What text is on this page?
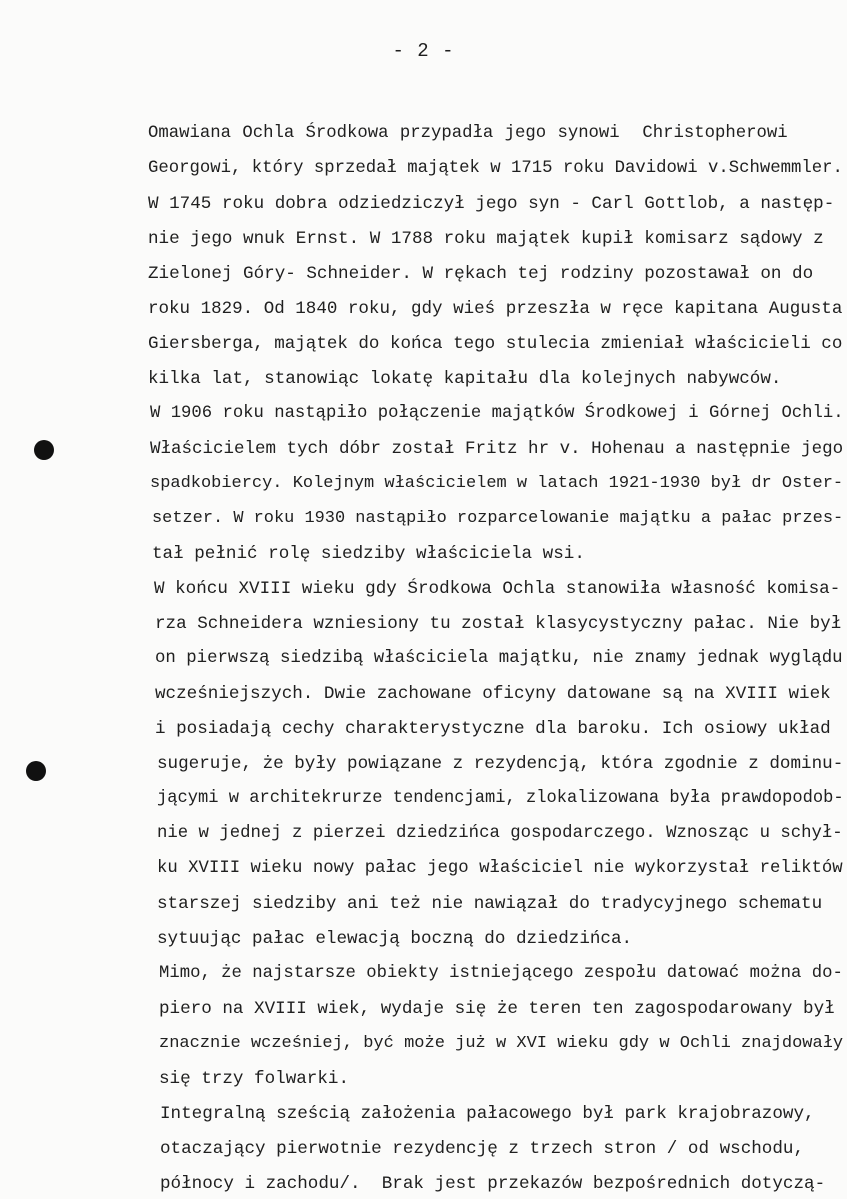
- 2 -
Omawiana Ochla Środkowa przypadła jego synowi  Christopherowi
Georgowi, który sprzedał majątek w 1715 roku Davidowi v.Schwemmler.
W 1745 roku dobra odziedziczył jego syn - Carl Gottlob, a następ-
nie jego wnuk Ernst. W 1788 roku majątek kupił komisarz sądowy z
Zielonej Góry- Schneider. W rękach tej rodziny pozostawał on do
roku 1829. Od 1840 roku, gdy wieś przeszła w ręce kapitana Augusta
Giersberga, majątek do końca tego stulecia zmieniał właścicieli co
kilka lat, stanowiąc lokatę kapitału dla kolejnych nabywców.
W 1906 roku nastąpiło połączenie majątków Środkowej i Górnej Ochli.
Właścicielem tych dóbr został Fritz hr v. Hohenau a następnie jego
spadkobiercy. Kolejnym właścicielem w latach 1921-1930 był dr Oster-
setzer. W roku 1930 nastąpiło rozparcelowanie majątku a pałac przes-
tał pełnić rolę siedziby właściciela wsi.
W końcu XVIII wieku gdy Środkowa Ochla stanowiła własność komisa-
rza Schneidera wzniesiony tu został klasycystyczny pałac. Nie był
on pierwszą siedzibą właściciela majątku, nie znamy jednak wyglądu
wcześniejszych. Dwie zachowane oficyny datowane są na XVIII wiek
i posiadają cechy charakterystyczne dla baroku. Ich osiowy układ
sugeruje, że były powiązane z rezydencją, która zgodnie z dominu-
jącymi w architekrurze tendencjami, zlokalizowana była prawdopodob-
nie w jednej z pierzei dziedzińca gospodarczego. Wznosząc u schył-
ku XVIII wieku nowy pałac jego właściciel nie wykorzystał reliktów
starszej siedziby ani też nie nawiązał do tradycyjnego schematu
sytuując pałac elewacją boczną do dziedzińca.
Mimo, że najstarsze obiekty istniejącego zespołu datować można do-
piero na XVIII wiek, wydaje się że teren ten zagospodarowany był
znacznie wcześniej, być może już w XVI wieku gdy w Ochli znajdowały
się trzy folwarki.
Integralną sześcią założenia pałacowego był park krajobrazowy,
otaczający pierwotnie rezydencję z trzech stron / od wschodu,
północy i zachodu/.  Brak jest przekazów bezpośrednich dotyczą-
